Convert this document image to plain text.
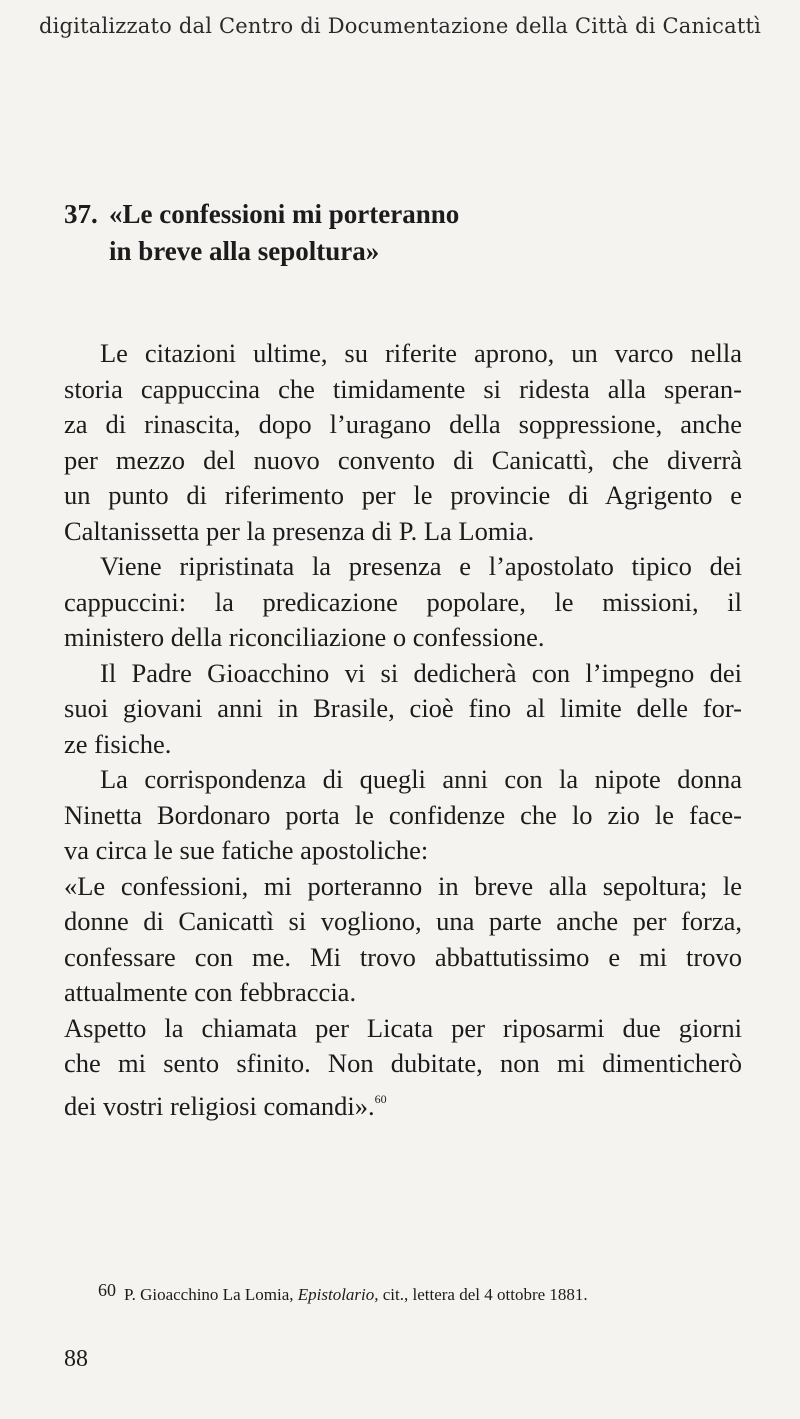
digitalizzato dal Centro di Documentazione della Città di Canicattì
37. «Le confessioni mi porteranno
in breve alla sepoltura»
Le citazioni ultime, su riferite aprono, un varco nella
storia cappuccina che timidamente si ridesta alla speran-
za di rinascita, dopo l’uragano della soppressione, anche
per mezzo del nuovo convento di Canicattì, che diverrà
un punto di riferimento per le provincie di Agrigento e
Caltanissetta per la presenza di P. La Lomia.
Viene ripristinata la presenza e l’apostolato tipico dei
cappuccini: la predicazione popolare, le missioni, il
ministero della riconciliazione o confessione.
Il Padre Gioacchino vi si dedicherà con l’impegno dei
suoi giovani anni in Brasile, cioè fino al limite delle for-
ze fisiche.
La corrispondenza di quegli anni con la nipote donna
Ninetta Bordonaro porta le confidenze che lo zio le face-
va circa le sue fatiche apostoliche:
«Le confessioni, mi porteranno in breve alla sepoltura; le
donne di Canicattì si vogliono, una parte anche per forza,
confessare con me. Mi trovo abbattutissimo e mi trovo
attualmente con febbraccia.
Aspetto la chiamata per Licata per riposarmi due giorni
che mi sento sfinito. Non dubitate, non mi dimenticherò
dei vostri religiosi comandi».$^{60}$
60 P. Gioacchino La Lomia, Epistolario, cit., lettera del 4 ottobre 1881.
88
